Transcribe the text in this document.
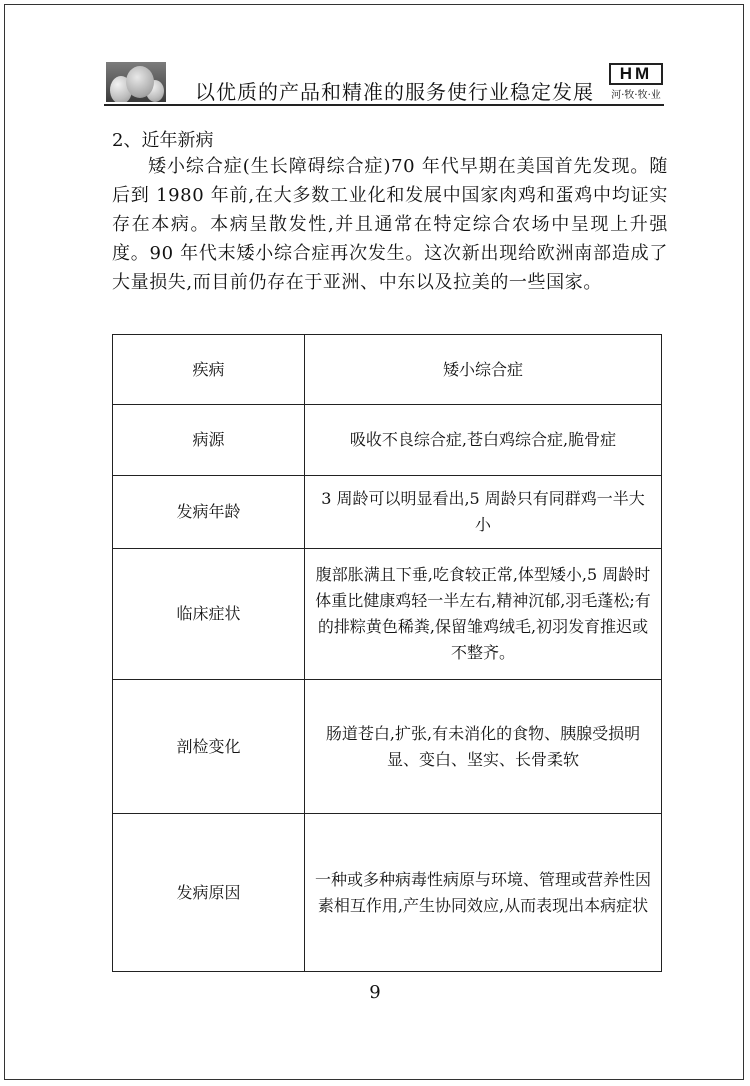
以优质的产品和精准的服务使行业稳定发展
HM
河·牧·牧·业
2、近年新病
矮小综合症(生长障碍综合症)70 年代早期在美国首先发现。随后到 1980 年前,在大多数工业化和发展中国家肉鸡和蛋鸡中均证实存在本病。本病呈散发性,并且通常在特定综合农场中呈现上升强度。90 年代末矮小综合症再次发生。这次新出现给欧洲南部造成了大量损失,而目前仍存在于亚洲、中东以及拉美的一些国家。
疾病	矮小综合症
病源	吸收不良综合症,苍白鸡综合症,脆骨症
发病年龄	3 周龄可以明显看出,5 周龄只有同群鸡一半大小
临床症状	腹部胀满且下垂,吃食较正常,体型矮小,5 周龄时体重比健康鸡轻一半左右,精神沉郁,羽毛蓬松;有的排粽黄色稀粪,保留雏鸡绒毛,初羽发育推迟或不整齐。
剖检变化	肠道苍白,扩张,有未消化的食物、胰腺受损明显、变白、坚实、长骨柔软
发病原因	一种或多种病毒性病原与环境、管理或营养性因素相互作用,产生协同效应,从而表现出本病症状
9
